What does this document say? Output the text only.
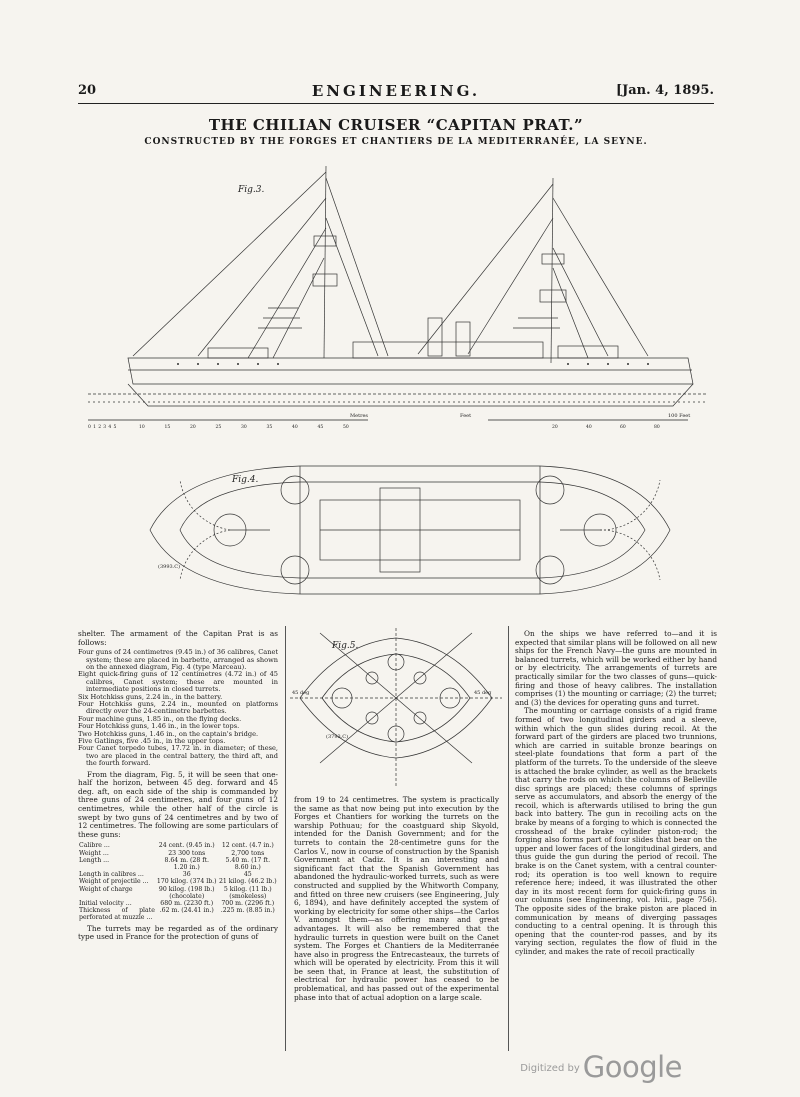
20	ENGINEERING.	[Jan. 4, 1895.
THE CHILIAN CRUISER “CAPITAN PRAT.”
CONSTRUCTED BY THE FORGES ET CHANTIERS DE LA MEDITERRANÉE, LA SEYNE.
Fig.3.
Metres	Feet	100 Feet
0 1 2 3 4 5	10	15	20	25	30	35	40	45	50	20	40	60	80
Fig.4.
(3993.C)

shelter. The armament of the Capitan Prat is as follows:

Four guns of 24 centimetres (9.45 in.) of 36 calibres, Canet system; these are placed in barbette, arranged as shown on the annexed diagram, Fig. 4 (type Marceau).
Eight quick-firing guns of 12 centimetres (4.72 in.) of 45 calibres, Canet system; these are mounted in intermediate positions in closed turrets.
Six Hotchkiss guns, 2.24 in., in the battery.
Four Hotchkiss guns, 2.24 in., mounted on platforms directly over the 24-centimetre barbettes.
Four machine guns, 1.85 in., on the flying decks.
Four Hotchkiss guns, 1.46 in., in the lower tops.
Two Hotchkiss guns, 1.46 in., on the captain's bridge.
Five Gatlings, five .45 in., in the upper tops.
Four Canet torpedo tubes, 17.72 in. in diameter; of these, two are placed in the central battery, the third aft, and the fourth forward.

From the diagram, Fig. 5, it will be seen that one-half the horizon, between 45 deg. forward and 45 deg. aft, on each side of the ship is commanded by three guns of 24 centimetres, and four guns of 12 centimetres, while the other half of the circle is swept by two guns of 24 centimetres and by two of 12 centimetres. The following are some particulars of these guns:

Calibre ...	24 cent. (9.45 in.)	12 cent. (4.7 in.)
Weight ...	23 300 tons	2,700 tons
Length ...	8.64 m. (28 ft. 1.20 in.)	5.40 m. (17 ft. 8.60 in.)
Length in calibres ...	36	45
Weight of projectile ...	170 kilog. (374 lb.)	21 kilog. (46.2 lb.)
Weight of charge	90 kilog. (198 lb.) (chocolate)	5 kilog. (11 lb.) (smokeless)
Initial velocity ...	680 m. (2230 ft.)	700 m. (2296 ft.)
Thickness of plate perforated at muzzle ...	.62 m. (24.41 in.)	.225 m. (8.85 in.)

The turrets may be regarded as of the ordinary type used in France for the protection of guns of

Fig.5.
45 deg	45 deg
(3793.C)

from 19 to 24 centimetres. The system is practically the same as that now being put into execution by the Forges et Chantiers for working the turrets on the warship Pothuau; for the coastguard ship Skyold, intended for the Danish Government; and for the turrets to contain the 28-centimetre guns for the Carlos V., now in course of construction by the Spanish Government at Cadiz. It is an interesting and significant fact that the Spanish Government has abandoned the hydraulic-worked turrets, such as were constructed and supplied by the Whitworth Company, and fitted on three new cruisers (see Engineering, July 6, 1894), and have definitely accepted the system of working by electricity for some other ships—the Carlos V. amongst them—as offering many and great advantages. It will also be remembered that the hydraulic turrets in question were built on the Canet system. The Forges et Chantiers de la Mediterranée have also in progress the Entrecasteaux, the turrets of which will be operated by electricity. From this it will be seen that, in France at least, the substitution of electrical for hydraulic power has ceased to be problematical, and has passed out of the experimental phase into that of actual adoption on a large scale.

On the ships we have referred to—and it is expected that similar plans will be followed on all new ships for the French Navy—the guns are mounted in balanced turrets, which will be worked either by hand or by electricity. The arrangements of turrets are practically similar for the two classes of guns—quick-firing and those of heavy calibres. The installation comprises (1) the mounting or carriage; (2) the turret; and (3) the devices for operating guns and turret.

The mounting or carriage consists of a rigid frame formed of two longitudinal girders and a sleeve, within which the gun slides during recoil. At the forward part of the girders are placed two trunnions, which are carried in suitable bronze bearings on steel-plate foundations that form a part of the platform of the turrets. To the underside of the sleeve is attached the brake cylinder, as well as the brackets that carry the rods on which the columns of Belleville disc springs are placed; these columns of springs serve as accumulators, and absorb the energy of the recoil, which is afterwards utilised to bring the gun back into battery. The gun in recoiling acts on the brake by means of a forging to which is connected the crosshead of the brake cylinder piston-rod; the forging also forms part of four slides that bear on the upper and lower faces of the longitudinal girders, and thus guide the gun during the period of recoil. The brake is on the Canet system, with a central counter-rod; its operation is too well known to require reference here; indeed, it was illustrated the other day in its most recent form for quick-firing guns in our columns (see Engineering, vol. lviii., page 756). The opposite sides of the brake piston are placed in communication by means of diverging passages conducting to a central opening. It is through this opening that the counter-rod passes, and by its varying section, regulates the flow of fluid in the cylinder, and makes the rate of recoil practically

$^{Digitized by}$ Google
